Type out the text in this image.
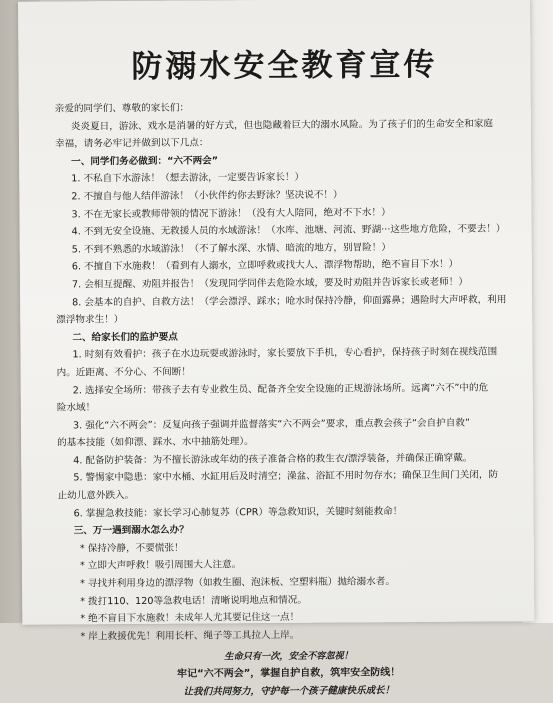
防溺水安全教育宣传

亲爱的同学们、尊敬的家长们：

炎炎夏日，游泳、戏水是消暑的好方式，但也隐藏着巨大的溺水风险。为了孩子们的生命安全和家庭

幸福，请务必牢记并做到以下几点：

一、同学们务必做到：“六不两会”

1. 不私自下水游泳！（想去游泳，一定要告诉家长！）

2. 不擅自与他人结伴游泳！（小伙伴约你去野泳？坚决说不！）

3. 不在无家长或教师带领的情况下游泳！（没有大人陪同，绝对不下水！）

4. 不到无安全设施、无救援人员的水域游泳！（水库、池塘、河流、野湖···这些地方危险，不要去！）

5. 不到不熟悉的水域游泳！（不了解水深、水情、暗流的地方，别冒险！）

6. 不擅自下水施救！（看到有人溺水，立即呼救或找大人、漂浮物帮助，绝不盲目下水！）

7. 会相互提醒、劝阻并报告！（发现同学同伴去危险水域，要及时劝阻并告诉家长或老师！）

8. 会基本的自护、自救方法！（学会漂浮、踩水；呛水时保持冷静，仰面露鼻；遇险时大声呼救，利用

漂浮物求生！）

二、给家长们的监护要点

1. 时刻有效看护：孩子在水边玩耍或游泳时，家长要放下手机，专心看护，保持孩子时刻在视线范围

内。近距离、不分心、不间断！

2. 选择安全场所：带孩子去有专业救生员、配备齐全安全设施的正规游泳场所。远离“六不”中的危

险水域！

3. 强化“六不两会”：反复向孩子强调并监督落实“六不两会”要求，重点教会孩子“会自护自救”

的基本技能（如仰漂、踩水、水中抽筋处理）。

4. 配备防护装备：为不擅长游泳或年幼的孩子准备合格的救生衣/漂浮装备，并确保正确穿戴。

5. 警惕家中隐患：家中水桶、水缸用后及时清空；澡盆、浴缸不用时勿存水；确保卫生间门关闭，防

止幼儿意外跌入。

6. 掌握急救技能：家长学习心肺复苏（CPR）等急救知识，关键时刻能救命！

三、万一遇到溺水怎么办？

* 保持冷静，不要慌张！

* 立即大声呼救！吸引周围大人注意。

* 寻找并利用身边的漂浮物（如救生圈、泡沫板、空塑料瓶）抛给溺水者。

* 拨打110、120等急救电话！清晰说明地点和情况。

* 绝不盲目下水施救！未成年人尤其要记住这一点！

* 岸上救援优先！利用长杆、绳子等工具拉人上岸。

生命只有一次，安全不容忽视！

牢记“六不两会”，掌握自护自救，筑牢安全防线！

让我们共同努力，守护每一个孩子健康快乐成长！
